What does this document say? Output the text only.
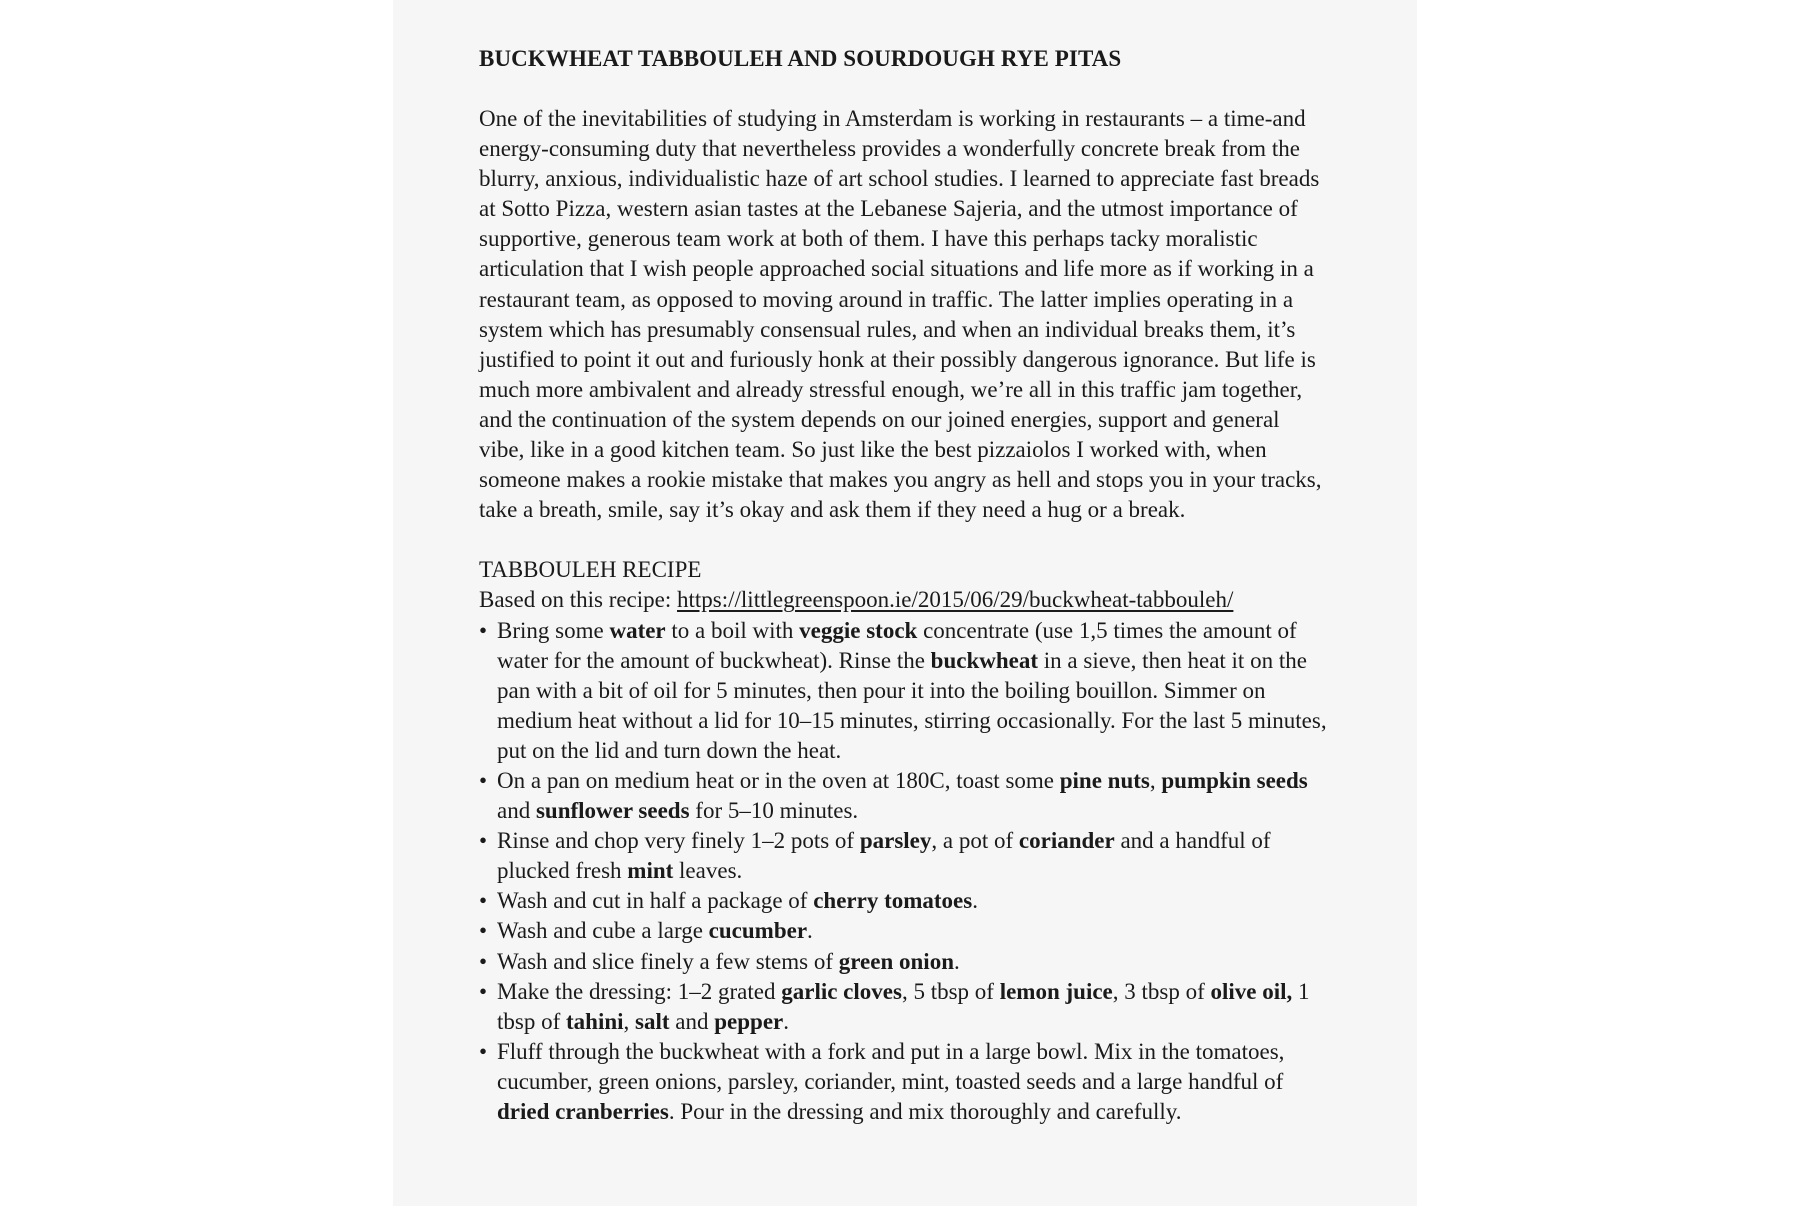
BUCKWHEAT TABBOULEH AND SOURDOUGH RYE PITAS

One of the inevitabilities of studying in Amsterdam is working in restaurants – a time-and energy-consuming duty that nevertheless provides a wonderfully concrete break from the blurry, anxious, individualistic haze of art school studies. I learned to appreciate fast breads at Sotto Pizza, western asian tastes at the Lebanese Sajeria, and the utmost importance of supportive, generous team work at both of them. I have this perhaps tacky moralistic articulation that I wish people approached social situations and life more as if working in a restaurant team, as opposed to moving around in traffic. The latter implies operating in a system which has presumably consensual rules, and when an individual breaks them, it’s justified to point it out and furiously honk at their possibly dangerous ignorance. But life is much more ambivalent and already stressful enough, we’re all in this traffic jam together, and the continuation of the system depends on our joined energies, support and general vibe, like in a good kitchen team. So just like the best pizzaiolos I worked with, when someone makes a rookie mistake that makes you angry as hell and stops you in your tracks, take a breath, smile, say it’s okay and ask them if they need a hug or a break.

TABBOULEH RECIPE
Based on this recipe: https://littlegreenspoon.ie/2015/06/29/buckwheat-tabbouleh/
• Bring some water to a boil with veggie stock concentrate (use 1,5 times the amount of water for the amount of buckwheat). Rinse the buckwheat in a sieve, then heat it on the pan with a bit of oil for 5 minutes, then pour it into the boiling bouillon. Simmer on medium heat without a lid for 10–15 minutes, stirring occasionally. For the last 5 minutes, put on the lid and turn down the heat.
• On a pan on medium heat or in the oven at 180C, toast some pine nuts, pumpkin seeds and sunflower seeds for 5–10 minutes.
• Rinse and chop very finely 1–2 pots of parsley, a pot of coriander and a handful of plucked fresh mint leaves.
• Wash and cut in half a package of cherry tomatoes.
• Wash and cube a large cucumber.
• Wash and slice finely a few stems of green onion.
• Make the dressing: 1–2 grated garlic cloves, 5 tbsp of lemon juice, 3 tbsp of olive oil, 1 tbsp of tahini, salt and pepper.
• Fluff through the buckwheat with a fork and put in a large bowl. Mix in the tomatoes, cucumber, green onions, parsley, coriander, mint, toasted seeds and a large handful of dried cranberries. Pour in the dressing and mix thoroughly and carefully.
